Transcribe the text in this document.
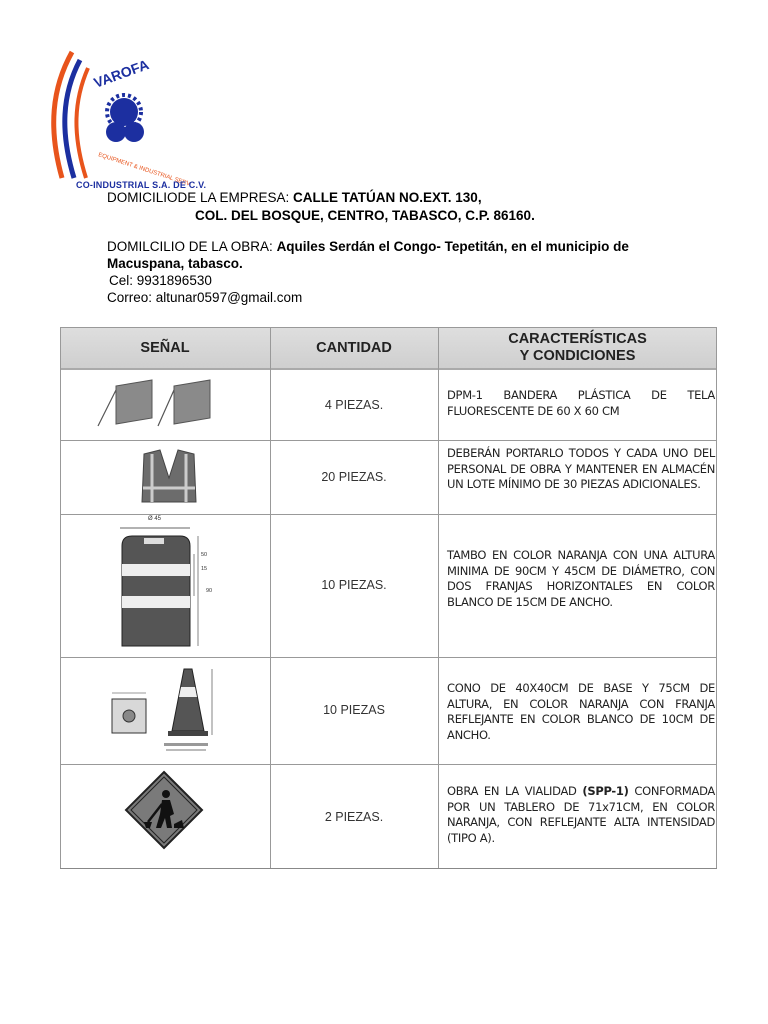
VAROFA
EQUIPMENT & INDUSTRIAL SERVICES
CO-INDUSTRIAL S.A. DE C.V.
DOMICILIODE LA EMPRESA: CALLE TATÚAN NO.EXT. 130,
COL. DEL BOSQUE, CENTRO, TABASCO, C.P. 86160.
DOMILCILIO DE LA OBRA: Aquiles Serdán el Congo- Tepetitán, en el municipio de Macuspana, tabasco.
Cel: 9931896530
Correo: altunar0597@gmail.com
SEÑAL	CANTIDAD
CARACTERÍSTICAS
Y CONDICIONES
4 PIEZAS.
DPM-1 BANDERA PLÁSTICA DE TELA FLUORESCENTE DE 60 X 60 CM
20 PIEZAS.
DEBERÁN PORTARLO TODOS Y CADA UNO DEL PERSONAL DE OBRA Y MANTENER EN ALMACÉN UN LOTE MÍNIMO DE 30 PIEZAS ADICIONALES.
Ø 45
50
15
90	10 PIEZAS.
TAMBO EN COLOR NARANJA CON UNA ALTURA MINIMA DE 90CM Y 45CM DE DIÁMETRO, CON DOS FRANJAS HORIZONTALES EN COLOR BLANCO DE 15CM DE ANCHO.
10 PIEZAS
CONO DE 40X40CM DE BASE Y 75CM DE ALTURA, EN COLOR NARANJA CON FRANJA REFLEJANTE EN COLOR BLANCO DE 10CM DE ANCHO.
2 PIEZAS.
OBRA EN LA VIALIDAD (SPP-1) CONFORMADA POR UN TABLERO DE 71x71CM, EN COLOR NARANJA, CON REFLEJANTE ALTA INTENSIDAD (TIPO A).
